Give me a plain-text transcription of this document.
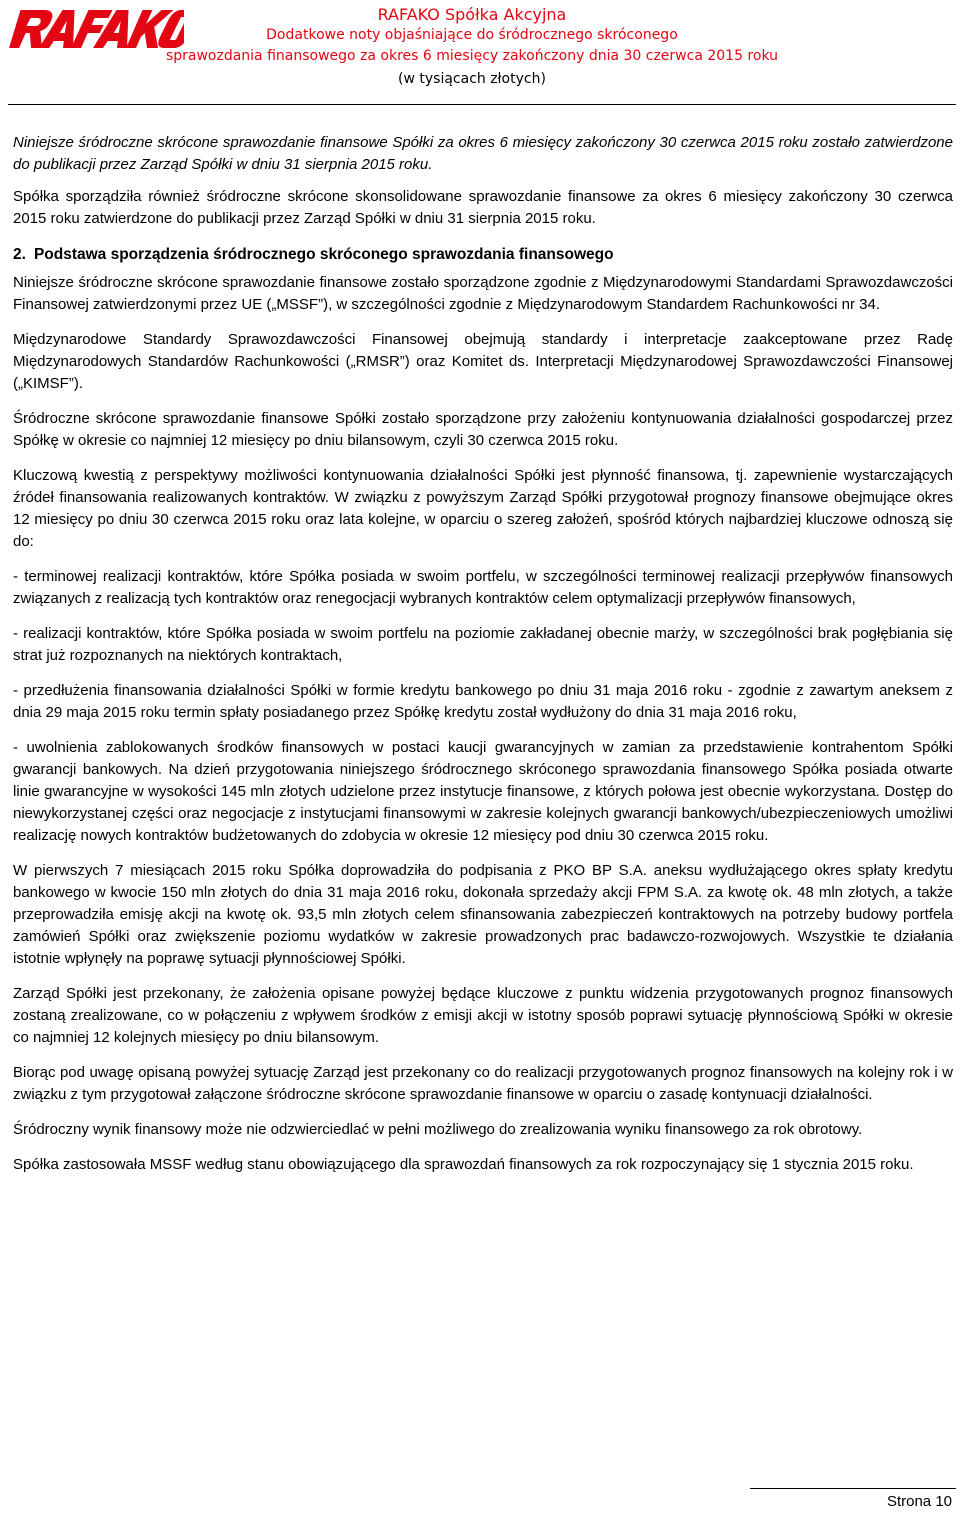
RAFAKO Spółka Akcyjna
Dodatkowe noty objaśniające do śródrocznego skróconego
sprawozdania finansowego za okres 6 miesięcy zakończony dnia 30 czerwca 2015 roku
(w tysiącach złotych)

Niniejsze śródroczne skrócone sprawozdanie finansowe Spółki za okres 6 miesięcy zakończony 30 czerwca 2015 roku zostało zatwierdzone do publikacji przez Zarząd Spółki w dniu 31 sierpnia 2015 roku.

Spółka sporządziła również śródroczne skrócone skonsolidowane sprawozdanie finansowe za okres 6 miesięcy zakończony 30 czerwca 2015 roku zatwierdzone do publikacji przez Zarząd Spółki w dniu 31 sierpnia 2015 roku.

2. Podstawa sporządzenia śródrocznego skróconego sprawozdania finansowego

Niniejsze śródroczne skrócone sprawozdanie finansowe zostało sporządzone zgodnie z Międzynarodowymi Standardami Sprawozdawczości Finansowej zatwierdzonymi przez UE („MSSF”), w szczególności zgodnie z Międzynarodowym Standardem Rachunkowości nr 34.

Międzynarodowe Standardy Sprawozdawczości Finansowej obejmują standardy i interpretacje zaakceptowane przez Radę Międzynarodowych Standardów Rachunkowości („RMSR”) oraz Komitet ds. Interpretacji Międzynarodowej Sprawozdawczości Finansowej („KIMSF”).

Śródroczne skrócone sprawozdanie finansowe Spółki zostało sporządzone przy założeniu kontynuowania działalności gospodarczej przez Spółkę w okresie co najmniej 12 miesięcy po dniu bilansowym, czyli 30 czerwca 2015 roku.

Kluczową kwestią z perspektywy możliwości kontynuowania działalności Spółki jest płynność finansowa, tj. zapewnienie wystarczających źródeł finansowania realizowanych kontraktów. W związku z powyższym Zarząd Spółki przygotował prognozy finansowe obejmujące okres 12 miesięcy po dniu 30 czerwca 2015 roku oraz lata kolejne, w oparciu o szereg założeń, spośród których najbardziej kluczowe odnoszą się do:

- terminowej realizacji kontraktów, które Spółka posiada w swoim portfelu, w szczególności terminowej realizacji przepływów finansowych związanych z realizacją tych kontraktów oraz renegocjacji wybranych kontraktów celem optymalizacji przepływów finansowych,

- realizacji kontraktów, które Spółka posiada w swoim portfelu na poziomie zakładanej obecnie marży, w szczególności brak pogłębiania się strat już rozpoznanych na niektórych kontraktach,

- przedłużenia finansowania działalności Spółki w formie kredytu bankowego po dniu 31 maja 2016 roku - zgodnie z zawartym aneksem z dnia 29 maja 2015 roku termin spłaty posiadanego przez Spółkę kredytu został wydłużony do dnia 31 maja 2016 roku,

- uwolnienia zablokowanych środków finansowych w postaci kaucji gwarancyjnych w zamian za przedstawienie kontrahentom Spółki gwarancji bankowych. Na dzień przygotowania niniejszego śródrocznego skróconego sprawozdania finansowego Spółka posiada otwarte linie gwarancyjne w wysokości 145 mln złotych udzielone przez instytucje finansowe, z których połowa jest obecnie wykorzystana. Dostęp do niewykorzystanej części oraz negocjacje z instytucjami finansowymi w zakresie kolejnych gwarancji bankowych/ubezpieczeniowych umożliwi realizację nowych kontraktów budżetowanych do zdobycia w okresie 12 miesięcy pod dniu 30 czerwca 2015 roku.

W pierwszych 7 miesiącach 2015 roku Spółka doprowadziła do podpisania z PKO BP S.A. aneksu wydłużającego okres spłaty kredytu bankowego w kwocie 150 mln złotych do dnia 31 maja 2016 roku, dokonała sprzedaży akcji FPM S.A. za kwotę ok. 48 mln złotych, a także przeprowadziła emisję akcji na kwotę ok. 93,5 mln złotych celem sfinansowania zabezpieczeń kontraktowych na potrzeby budowy portfela zamówień Spółki oraz zwiększenie poziomu wydatków w zakresie prowadzonych prac badawczo-rozwojowych. Wszystkie te działania istotnie wpłynęły na poprawę sytuacji płynnościowej Spółki.

Zarząd Spółki jest przekonany, że założenia opisane powyżej będące kluczowe z punktu widzenia przygotowanych prognoz finansowych zostaną zrealizowane, co w połączeniu z wpływem środków z emisji akcji w istotny sposób poprawi sytuację płynnościową Spółki w okresie co najmniej 12 kolejnych miesięcy po dniu bilansowym.

Biorąc pod uwagę opisaną powyżej sytuację Zarząd jest przekonany co do realizacji przygotowanych prognoz finansowych na kolejny rok i w związku z tym przygotował załączone śródroczne skrócone sprawozdanie finansowe w oparciu o zasadę kontynuacji działalności.

Śródroczny wynik finansowy może nie odzwierciedlać w pełni możliwego do zrealizowania wyniku finansowego za rok obrotowy.

Spółka zastosowała MSSF według stanu obowiązującego dla sprawozdań finansowych za rok rozpoczynający się 1 stycznia 2015 roku.

Strona 10
